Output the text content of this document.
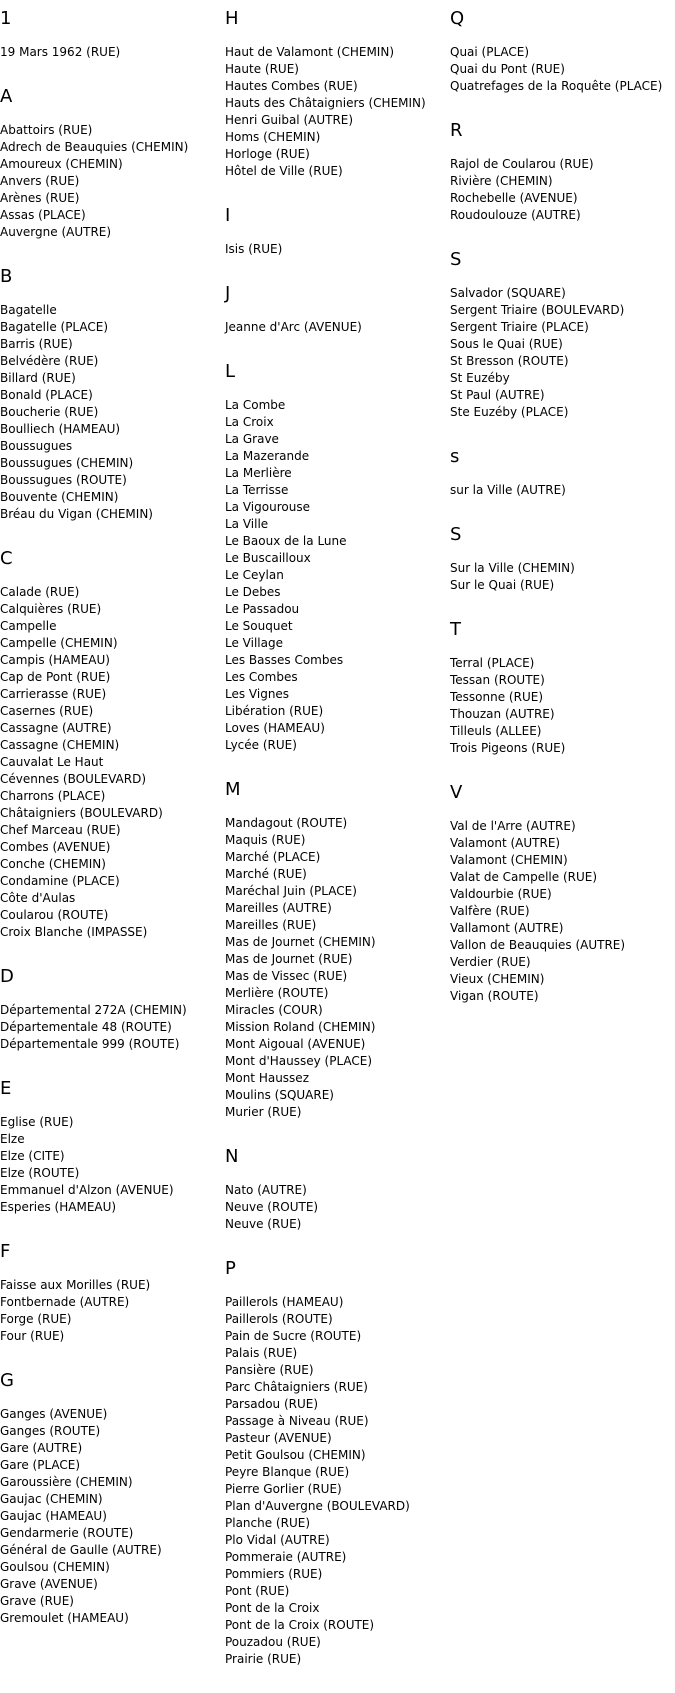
1
19 Mars 1962 (RUE)
A
Abattoirs (RUE)
Adrech de Beauquies (CHEMIN)
Amoureux (CHEMIN)
Anvers (RUE)
Arènes (RUE)
Assas (PLACE)
Auvergne (AUTRE)
B
Bagatelle
Bagatelle (PLACE)
Barris (RUE)
Belvédère (RUE)
Billard (RUE)
Bonald (PLACE)
Boucherie (RUE)
Boulliech (HAMEAU)
Boussugues
Boussugues (CHEMIN)
Boussugues (ROUTE)
Bouvente (CHEMIN)
Bréau du Vigan (CHEMIN)
C
Calade (RUE)
Calquières (RUE)
Campelle
Campelle (CHEMIN)
Campis (HAMEAU)
Cap de Pont (RUE)
Carrierasse (RUE)
Casernes (RUE)
Cassagne (AUTRE)
Cassagne (CHEMIN)
Cauvalat Le Haut
Cévennes (BOULEVARD)
Charrons (PLACE)
Châtaigniers (BOULEVARD)
Chef Marceau (RUE)
Combes (AVENUE)
Conche (CHEMIN)
Condamine (PLACE)
Côte d'Aulas
Coularou (ROUTE)
Croix Blanche (IMPASSE)
D
Départemental 272A (CHEMIN)
Départementale 48 (ROUTE)
Départementale 999 (ROUTE)
E
Eglise (RUE)
Elze
Elze (CITE)
Elze (ROUTE)
Emmanuel d'Alzon (AVENUE)
Esperies (HAMEAU)
F
Faisse aux Morilles (RUE)
Fontbernade (AUTRE)
Forge (RUE)
Four (RUE)
G
Ganges (AVENUE)
Ganges (ROUTE)
Gare (AUTRE)
Gare (PLACE)
Garoussière (CHEMIN)
Gaujac (CHEMIN)
Gaujac (HAMEAU)
Gendarmerie (ROUTE)
Général de Gaulle (AUTRE)
Goulsou (CHEMIN)
Grave (AVENUE)
Grave (RUE)
Gremoulet (HAMEAU)
H
Haut de Valamont (CHEMIN)
Haute (RUE)
Hautes Combes (RUE)
Hauts des Châtaigniers (CHEMIN)
Henri Guibal (AUTRE)
Homs (CHEMIN)
Horloge (RUE)
Hôtel de Ville (RUE)
I
Isis (RUE)
J
Jeanne d'Arc (AVENUE)
L
La Combe
La Croix
La Grave
La Mazerande
La Merlière
La Terrisse
La Vigourouse
La Ville
Le Baoux de la Lune
Le Buscailloux
Le Ceylan
Le Debes
Le Passadou
Le Souquet
Le Village
Les Basses Combes
Les Combes
Les Vignes
Libération (RUE)
Loves (HAMEAU)
Lycée (RUE)
M
Mandagout (ROUTE)
Maquis (RUE)
Marché (PLACE)
Marché (RUE)
Maréchal Juin (PLACE)
Mareilles (AUTRE)
Mareilles (RUE)
Mas de Journet (CHEMIN)
Mas de Journet (RUE)
Mas de Vissec (RUE)
Merlière (ROUTE)
Miracles (COUR)
Mission Roland (CHEMIN)
Mont Aigoual (AVENUE)
Mont d'Haussey (PLACE)
Mont Haussez
Moulins (SQUARE)
Murier (RUE)
N
Nato (AUTRE)
Neuve (ROUTE)
Neuve (RUE)
P
Paillerols (HAMEAU)
Paillerols (ROUTE)
Pain de Sucre (ROUTE)
Palais (RUE)
Pansière (RUE)
Parc Châtaigniers (RUE)
Parsadou (RUE)
Passage à Niveau (RUE)
Pasteur (AVENUE)
Petit Goulsou (CHEMIN)
Peyre Blanque (RUE)
Pierre Gorlier (RUE)
Plan d'Auvergne (BOULEVARD)
Planche (RUE)
Plo Vidal (AUTRE)
Pommeraie (AUTRE)
Pommiers (RUE)
Pont (RUE)
Pont de la Croix
Pont de la Croix (ROUTE)
Pouzadou (RUE)
Prairie (RUE)
Q
Quai (PLACE)
Quai du Pont (RUE)
Quatrefages de la Roquête (PLACE)
R
Rajol de Coularou (RUE)
Rivière (CHEMIN)
Rochebelle (AVENUE)
Roudoulouze (AUTRE)
S
Salvador (SQUARE)
Sergent Triaire (BOULEVARD)
Sergent Triaire (PLACE)
Sous le Quai (RUE)
St Bresson (ROUTE)
St Euzéby
St Paul (AUTRE)
Ste Euzéby (PLACE)
s
sur la Ville (AUTRE)
S
Sur la Ville (CHEMIN)
Sur le Quai (RUE)
T
Terral (PLACE)
Tessan (ROUTE)
Tessonne (RUE)
Thouzan (AUTRE)
Tilleuls (ALLEE)
Trois Pigeons (RUE)
V
Val de l'Arre (AUTRE)
Valamont (AUTRE)
Valamont (CHEMIN)
Valat de Campelle (RUE)
Valdourbie (RUE)
Valfère (RUE)
Vallamont (AUTRE)
Vallon de Beauquies (AUTRE)
Verdier (RUE)
Vieux (CHEMIN)
Vigan (ROUTE)
